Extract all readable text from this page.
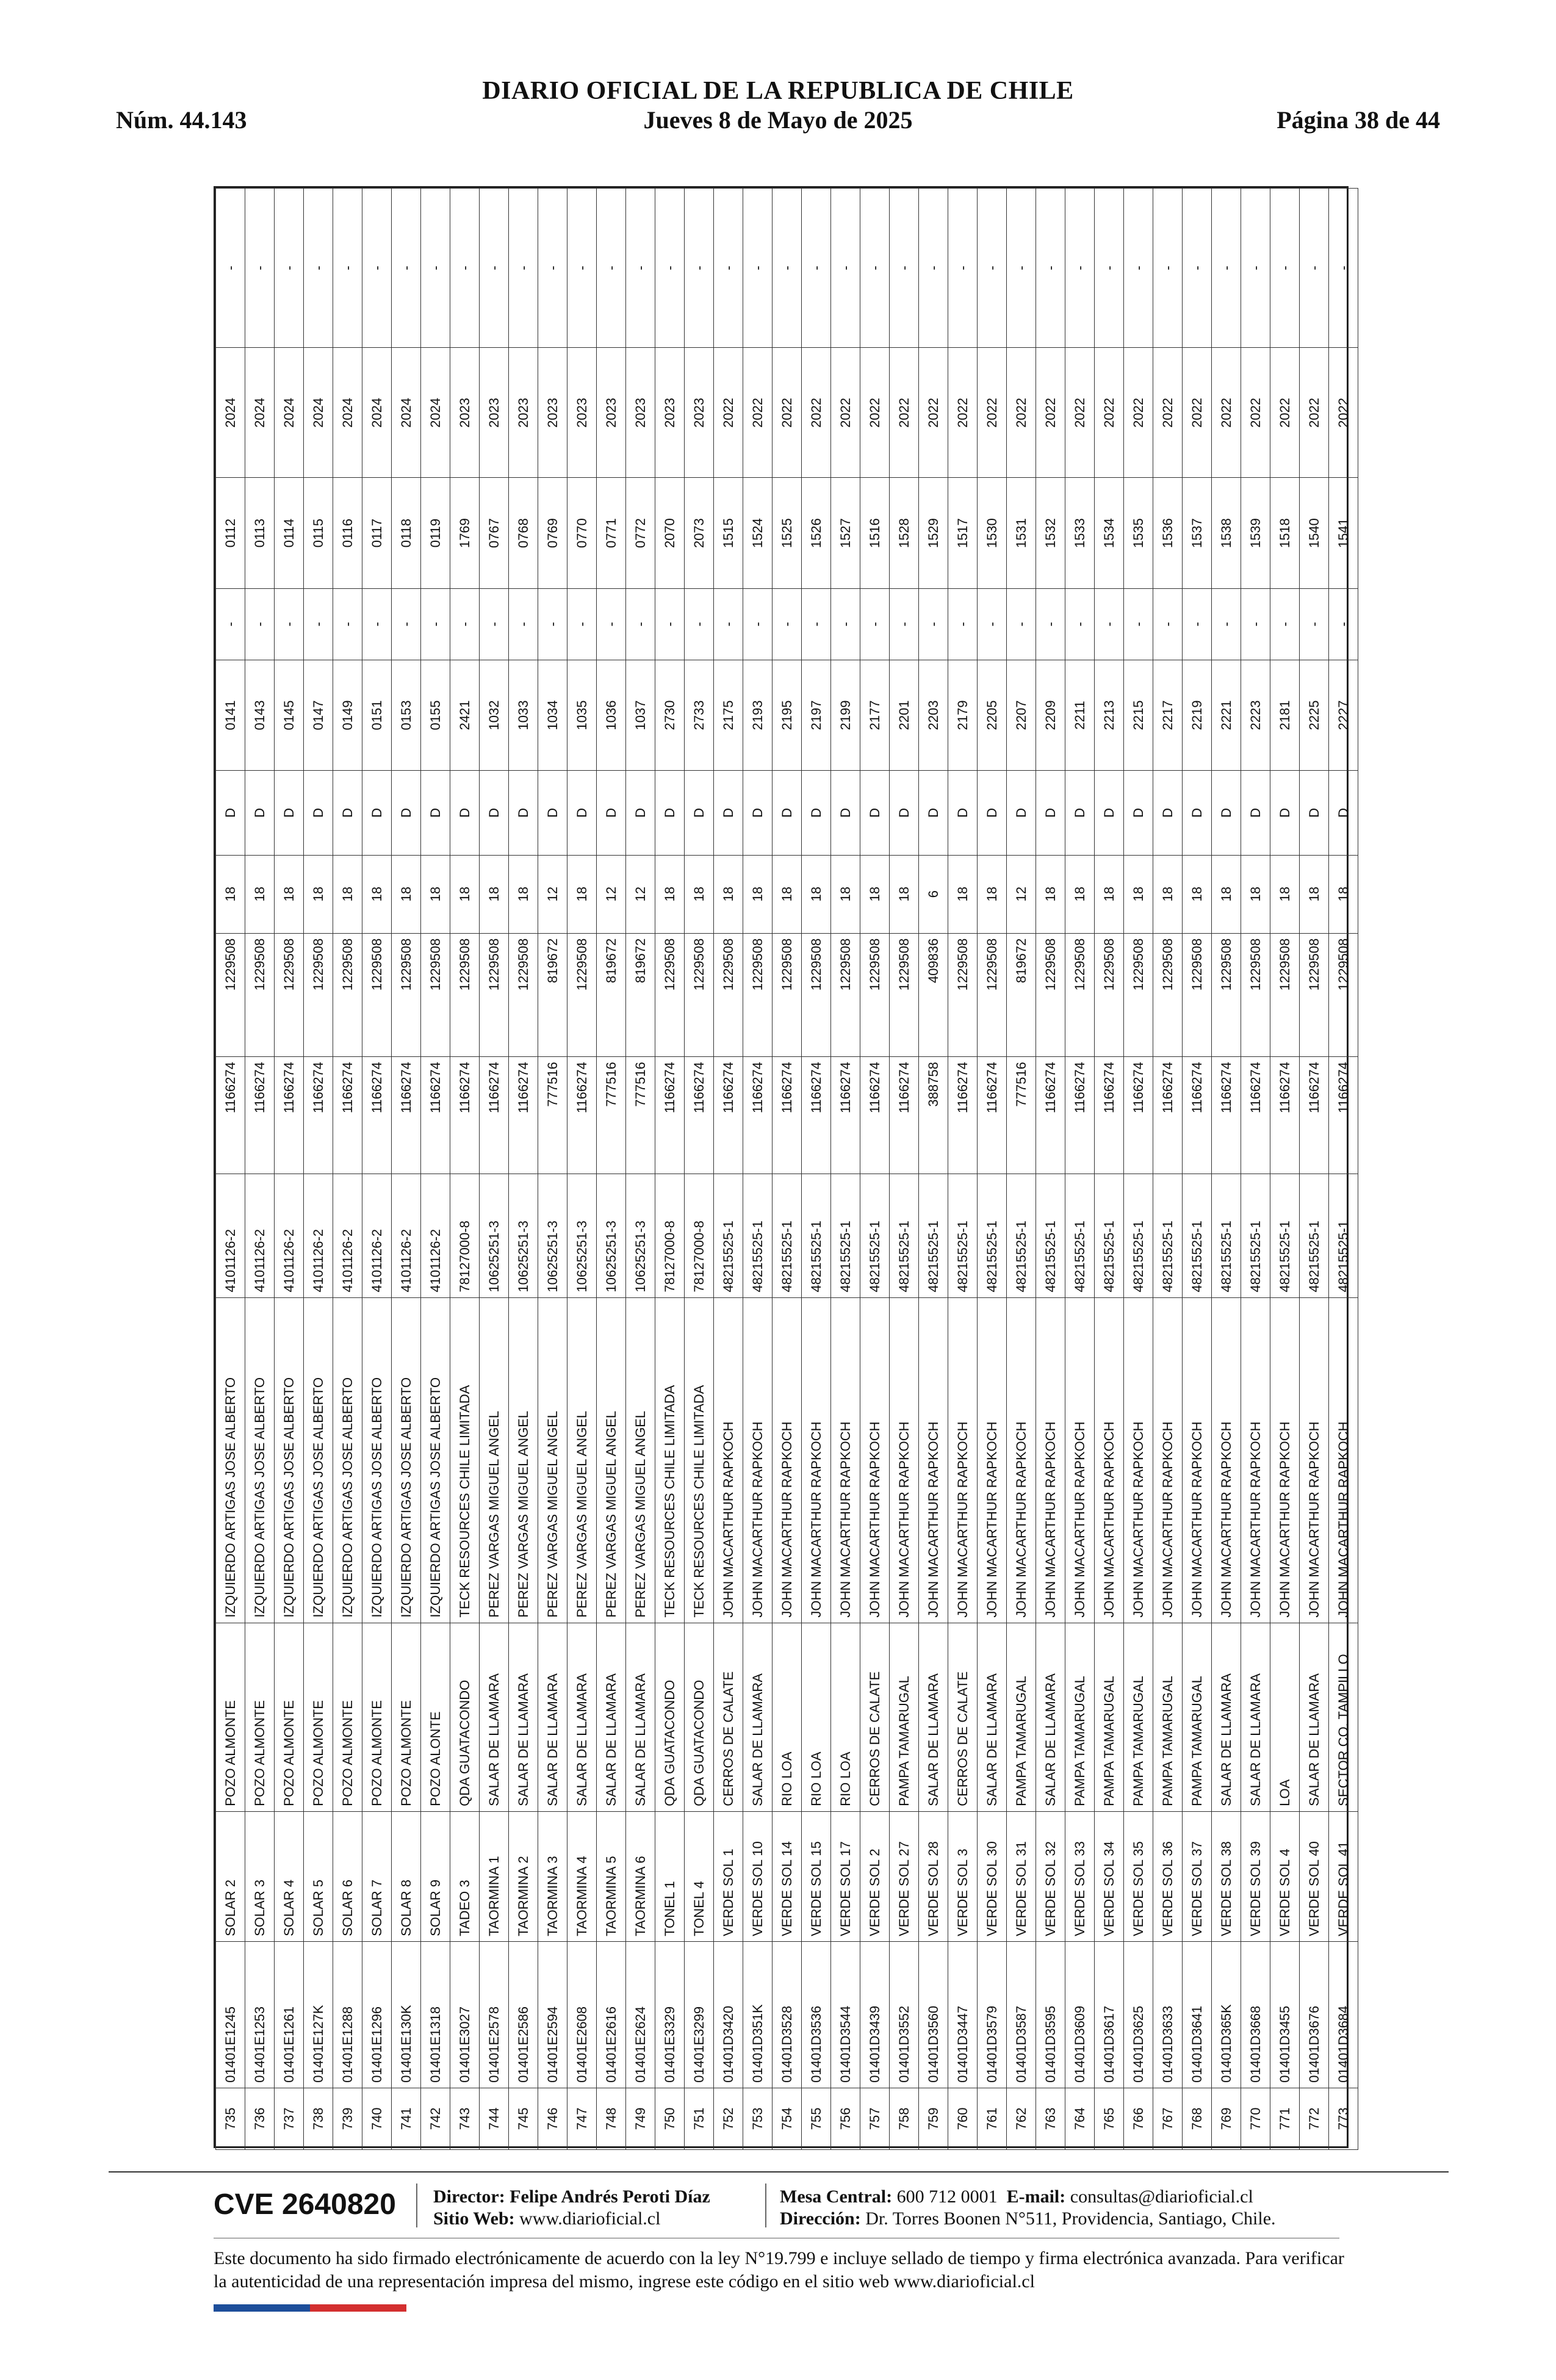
DIARIO OFICIAL DE LA REPUBLICA DE CHILE
Núm. 44.143	Jueves 8 de Mayo de 2025	Página 38 de 44
735	01401E1245	SOLAR 2	POZO ALMONTE	IZQUIERDO ARTIGAS JOSE ALBERTO	4101126-2	1166274	1229508	18	D	0141	-	0112	2024	-
736	01401E1253	SOLAR 3	POZO ALMONTE	IZQUIERDO ARTIGAS JOSE ALBERTO	4101126-2	1166274	1229508	18	D	0143	-	0113	2024	-
737	01401E1261	SOLAR 4	POZO ALMONTE	IZQUIERDO ARTIGAS JOSE ALBERTO	4101126-2	1166274	1229508	18	D	0145	-	0114	2024	-
738	01401E127K	SOLAR 5	POZO ALMONTE	IZQUIERDO ARTIGAS JOSE ALBERTO	4101126-2	1166274	1229508	18	D	0147	-	0115	2024	-
739	01401E1288	SOLAR 6	POZO ALMONTE	IZQUIERDO ARTIGAS JOSE ALBERTO	4101126-2	1166274	1229508	18	D	0149	-	0116	2024	-
740	01401E1296	SOLAR 7	POZO ALMONTE	IZQUIERDO ARTIGAS JOSE ALBERTO	4101126-2	1166274	1229508	18	D	0151	-	0117	2024	-
741	01401E130K	SOLAR 8	POZO ALMONTE	IZQUIERDO ARTIGAS JOSE ALBERTO	4101126-2	1166274	1229508	18	D	0153	-	0118	2024	-
742	01401E1318	SOLAR 9	POZO ALONTE	IZQUIERDO ARTIGAS JOSE ALBERTO	4101126-2	1166274	1229508	18	D	0155	-	0119	2024	-
743	01401E3027	TADEO 3	QDA GUATACONDO	TECK RESOURCES CHILE LIMITADA	78127000-8	1166274	1229508	18	D	2421	-	1769	2023	-
744	01401E2578	TAORMINA 1	SALAR DE LLAMARA	PEREZ VARGAS MIGUEL ANGEL	10625251-3	1166274	1229508	18	D	1032	-	0767	2023	-
745	01401E2586	TAORMINA 2	SALAR DE LLAMARA	PEREZ VARGAS MIGUEL ANGEL	10625251-3	1166274	1229508	18	D	1033	-	0768	2023	-
746	01401E2594	TAORMINA 3	SALAR DE LLAMARA	PEREZ VARGAS MIGUEL ANGEL	10625251-3	777516	819672	12	D	1034	-	0769	2023	-
747	01401E2608	TAORMINA 4	SALAR DE LLAMARA	PEREZ VARGAS MIGUEL ANGEL	10625251-3	1166274	1229508	18	D	1035	-	0770	2023	-
748	01401E2616	TAORMINA 5	SALAR DE LLAMARA	PEREZ VARGAS MIGUEL ANGEL	10625251-3	777516	819672	12	D	1036	-	0771	2023	-
749	01401E2624	TAORMINA 6	SALAR DE LLAMARA	PEREZ VARGAS MIGUEL ANGEL	10625251-3	777516	819672	12	D	1037	-	0772	2023	-
750	01401E3329	TONEL 1	QDA GUATACONDO	TECK RESOURCES CHILE LIMITADA	78127000-8	1166274	1229508	18	D	2730	-	2070	2023	-
751	01401E3299	TONEL 4	QDA GUATACONDO	TECK RESOURCES CHILE LIMITADA	78127000-8	1166274	1229508	18	D	2733	-	2073	2023	-
752	01401D3420	VERDE SOL 1	CERROS DE CALATE	JOHN MACARTHUR RAPKOCH	48215525-1	1166274	1229508	18	D	2175	-	1515	2022	-
753	01401D351K	VERDE SOL 10	SALAR DE LLAMARA	JOHN MACARTHUR RAPKOCH	48215525-1	1166274	1229508	18	D	2193	-	1524	2022	-
754	01401D3528	VERDE SOL 14	RIO LOA	JOHN MACARTHUR RAPKOCH	48215525-1	1166274	1229508	18	D	2195	-	1525	2022	-
755	01401D3536	VERDE SOL 15	RIO LOA	JOHN MACARTHUR RAPKOCH	48215525-1	1166274	1229508	18	D	2197	-	1526	2022	-
756	01401D3544	VERDE SOL 17	RIO LOA	JOHN MACARTHUR RAPKOCH	48215525-1	1166274	1229508	18	D	2199	-	1527	2022	-
757	01401D3439	VERDE SOL 2	CERROS DE CALATE	JOHN MACARTHUR RAPKOCH	48215525-1	1166274	1229508	18	D	2177	-	1516	2022	-
758	01401D3552	VERDE SOL 27	PAMPA TAMARUGAL	JOHN MACARTHUR RAPKOCH	48215525-1	1166274	1229508	18	D	2201	-	1528	2022	-
759	01401D3560	VERDE SOL 28	SALAR DE LLAMARA	JOHN MACARTHUR RAPKOCH	48215525-1	388758	409836	6	D	2203	-	1529	2022	-
760	01401D3447	VERDE SOL 3	CERROS DE CALATE	JOHN MACARTHUR RAPKOCH	48215525-1	1166274	1229508	18	D	2179	-	1517	2022	-
761	01401D3579	VERDE SOL 30	SALAR DE LLAMARA	JOHN MACARTHUR RAPKOCH	48215525-1	1166274	1229508	18	D	2205	-	1530	2022	-
762	01401D3587	VERDE SOL 31	PAMPA TAMARUGAL	JOHN MACARTHUR RAPKOCH	48215525-1	777516	819672	12	D	2207	-	1531	2022	-
763	01401D3595	VERDE SOL 32	SALAR DE LLAMARA	JOHN MACARTHUR RAPKOCH	48215525-1	1166274	1229508	18	D	2209	-	1532	2022	-
764	01401D3609	VERDE SOL 33	PAMPA TAMARUGAL	JOHN MACARTHUR RAPKOCH	48215525-1	1166274	1229508	18	D	2211	-	1533	2022	-
765	01401D3617	VERDE SOL 34	PAMPA TAMARUGAL	JOHN MACARTHUR RAPKOCH	48215525-1	1166274	1229508	18	D	2213	-	1534	2022	-
766	01401D3625	VERDE SOL 35	PAMPA TAMARUGAL	JOHN MACARTHUR RAPKOCH	48215525-1	1166274	1229508	18	D	2215	-	1535	2022	-
767	01401D3633	VERDE SOL 36	PAMPA TAMARUGAL	JOHN MACARTHUR RAPKOCH	48215525-1	1166274	1229508	18	D	2217	-	1536	2022	-
768	01401D3641	VERDE SOL 37	PAMPA TAMARUGAL	JOHN MACARTHUR RAPKOCH	48215525-1	1166274	1229508	18	D	2219	-	1537	2022	-
769	01401D365K	VERDE SOL 38	SALAR DE LLAMARA	JOHN MACARTHUR RAPKOCH	48215525-1	1166274	1229508	18	D	2221	-	1538	2022	-
770	01401D3668	VERDE SOL 39	SALAR DE LLAMARA	JOHN MACARTHUR RAPKOCH	48215525-1	1166274	1229508	18	D	2223	-	1539	2022	-
771	01401D3455	VERDE SOL 4	LOA	JOHN MACARTHUR RAPKOCH	48215525-1	1166274	1229508	18	D	2181	-	1518	2022	-
772	01401D3676	VERDE SOL 40	SALAR DE LLAMARA	JOHN MACARTHUR RAPKOCH	48215525-1	1166274	1229508	18	D	2225	-	1540	2022	-
773	01401D3684	VERDE SOL 41	SECTOR CO. TAMPILLO	JOHN MACARTHUR RAPKOCH	48215525-1	1166274	1229508	18	D	2227	-	1541	2022	-
CVE 2640820 Director: Felipe Andrés Peroti Díaz
Sitio Web: www.diarioficial.cl
Mesa Central: 600 712 0001 E-mail: consultas@diarioficial.cl
Dirección: Dr. Torres Boonen N°511, Providencia, Santiago, Chile.
Este documento ha sido firmado electrónicamente de acuerdo con la ley N°19.799 e incluye sellado de tiempo y firma electrónica avanzada. Para verificar la autenticidad de una representación impresa del mismo, ingrese este código en el sitio web www.diarioficial.cl
